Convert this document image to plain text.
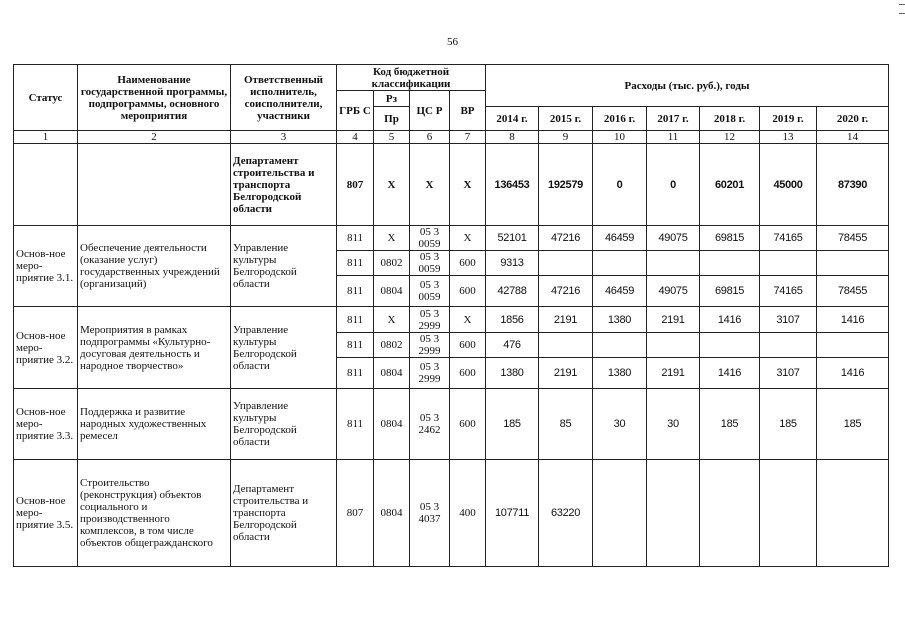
56
Статус	Наименование государственной программы, подпрограммы, основного мероприятия	Ответственный исполнитель, соисполнители, участники	Код бюджетной классификации				Расходы (тыс. руб.), годы						
			ГРБ С	Рз	ЦС Р	ВР							
				Пр			2014 г.	2015 г.	2016 г.	2017 г.	2018 г.	2019 г.	2020 г.
1	2	3	4	5	6	7	8	9	10	11	12	13	14
		Департамент строительства и транспорта Белгородской области	807	Х	Х	Х	136453	192579	0	0	60201	45000	87390
Основ-ное меро-приятие 3.1.	Обеспечение деятельности (оказание услуг) государственных учреждений (организаций)	Управление культуры Белгородской области	811	Х	05 3 0059	Х	52101	47216	46459	49075	69815	74165	78455
			811	0802	05 3 0059	600	9313						
			811	0804	05 3 0059	600	42788	47216	46459	49075	69815	74165	78455
Основ-ное меро-приятие 3.2.	Мероприятия в рамках подпрограммы «Культурно-досуговая деятельность и народное творчество»	Управление культуры Белгородской области	811	Х	05 3 2999	Х	1856	2191	1380	2191	1416	3107	1416
			811	0802	05 3 2999	600	476						
			811	0804	05 3 2999	600	1380	2191	1380	2191	1416	3107	1416
Основ-ное меро-приятие 3.3.	Поддержка и развитие народных художественных ремесел	Управление культуры Белгородской области	811	0804	05 3 2462	600	185	85	30	30	185	185	185
Основ-ное меро-приятие 3.5.	Строительство (реконструкция) объектов социального и производственного комплексов, в том числе объектов общегражданского	Департамент строительства и транспорта Белгородской области	807	0804	05 3 4037	400	107711	63220					
